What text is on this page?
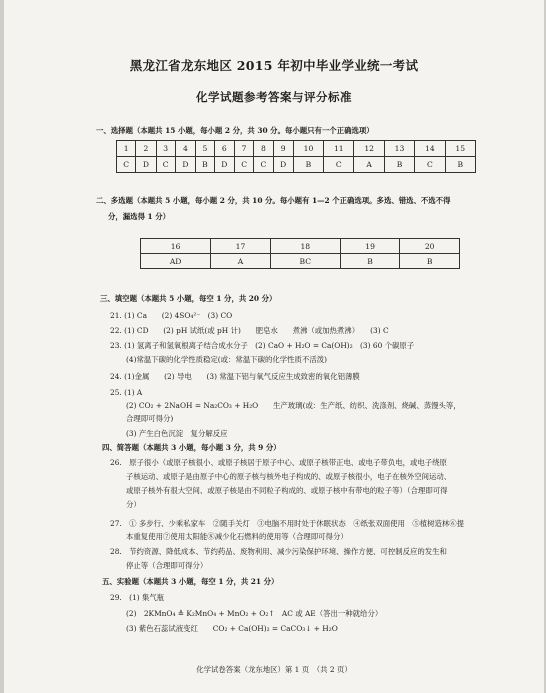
黑龙江省龙东地区 2015 年初中毕业学业统一考试
化学试题参考答案与评分标准
一、选择题（本题共 15 小题，每小题 2 分，共 30 分。每小题只有一个正确选项）
1	2	3	4	5	6	7	8	9	10	11	12	13	14	15
C	D	C	D	B	D	C	C	D	B	C	A	B	C	B
二、多选题（本题共 5 小题，每小题 2 分，共 10 分。每小题有 1—2 个正确选项。多选、错选、不选不得
分，漏选得 1 分）
16	17	18	19	20
AD	A	BC	B	B
三、填空题（本题共 5 小题，每空 1 分，共 20 分）
21. (1) Ca　　(2) 4SO₄²⁻　(3) CO
22. (1) CD　　(2) pH 试纸(或 pH 计)　　肥皂水　　煮沸（或加热煮沸）　　(3) C
23. (1) 氢离子和氢氧根离子结合成水分子　(2) CaO + H₂O = Ca(OH)₂　(3) 60 个碳原子
(4)常温下碳的化学性质稳定(或：常温下碳的化学性质不活泼)
24. (1)金属　　(2) 导电　　(3) 常温下铝与氧气反应生成致密的氧化铝薄膜
25. (1) A
(2) CO₂ + 2NaOH = Na₂CO₃ + H₂O　　生产玻璃(或：生产纸、纺织、洗涤剂、烧碱、蒸馒头等，
合理即可得分)
(3) 产生白色沉淀　复分解反应
四、简答题（本题共 3 小题，每小题 3 分，共 9 分）
26.　原子很小（或原子核很小、或原子核居于原子中心、或原子核带正电、或电子带负电，或电子绕原
子核运动、或原子是由原子中心的原子核与核外电子构成的、或原子核很小，电子在核外空间运动、
或原子核外有很大空间、或原子核是由不同粒子构成的、或原子核中有带电的粒子等）（合理即可得
分）
27.　① 多步行、少乘私家车　②随手关灯　③电脑不用时处于休眠状态　④纸张双面使用　⑤植树造林⑥提
本重复使用⑦使用太阳能⑧减少化石燃料的使用等（合理即可得分）
28.　节约资源、降低成本、节约药品、废物利用、减少污染保护环境、操作方便、可控制反应的发生和
停止等（合理即可得分）
五、实验题（本题共 3 小题，每空 1 分，共 21 分）
29.　(1) 集气瓶
(2)　2KMnO₄ ≜ K₂MnO₄ + MnO₂ + O₂↑　AC 或 AE（答出一种就给分）
(3) 紫色石蕊试液变红　　CO₂ + Ca(OH)₂ = CaCO₃↓ + H₂O
化学试卷答案（龙东地区）第 1 页　（共 2 页）
